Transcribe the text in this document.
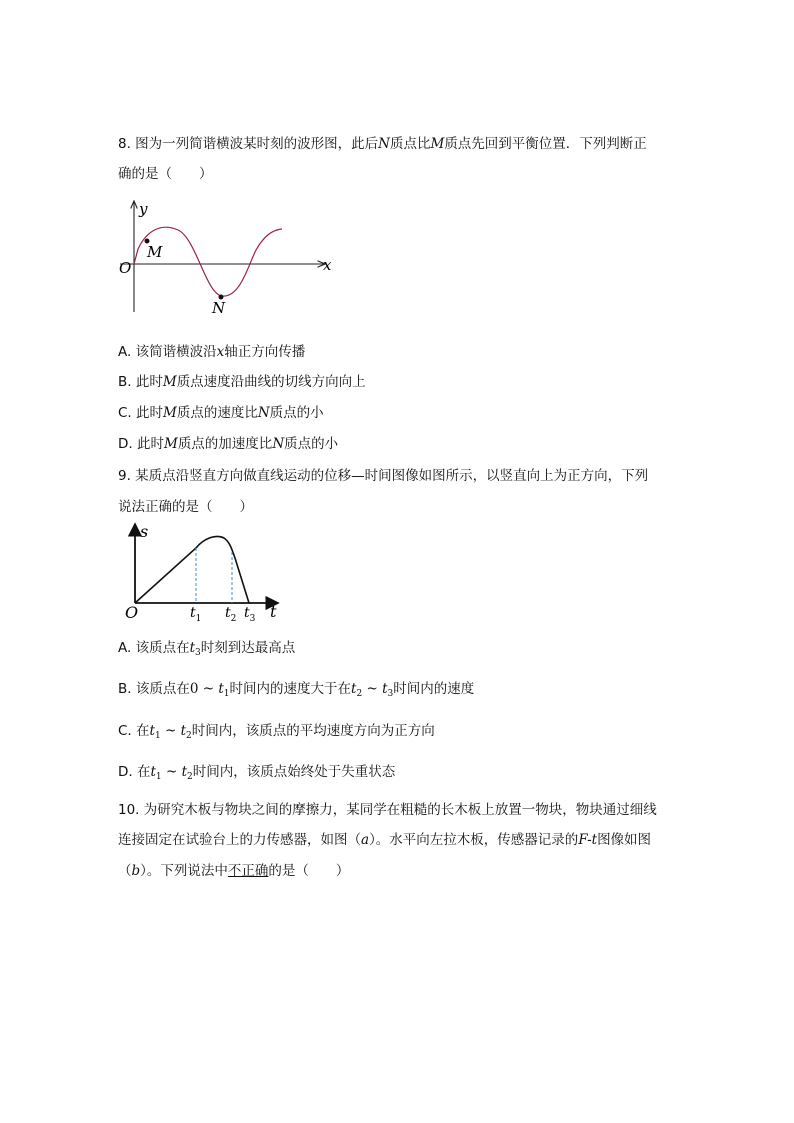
8. 图为一列简谐横波某时刻的波形图，此后N质点比M质点先回到平衡位置．下列判断正
确的是（　　）
y
x
O
M
N
A. 该简谐横波沿x轴正方向传播
B. 此时M质点速度沿曲线的切线方向向上
C. 此时M质点的速度比N质点的小
D. 此时M质点的加速度比N质点的小
9. 某质点沿竖直方向做直线运动的位移—时间图像如图所示，以竖直向上为正方向，下列
说法正确的是（　　）
s
t
O	$t_1$ $t_2$ $t_3$
A. 该质点在$t_3$时刻到达最高点
B. 该质点在0 ~ $t_1$时间内的速度大于在$t_2$ ~ $t_3$时间内的速度
C. 在$t_1$ ~ $t_2$时间内，该质点的平均速度方向为正方向
D. 在$t_1$ ~ $t_2$时间内，该质点始终处于失重状态
10. 为研究木板与物块之间的摩擦力，某同学在粗糙的长木板上放置一物块，物块通过细线
连接固定在试验台上的力传感器，如图（a）。水平向左拉木板，传感器记录的F-t图像如图
（b）。下列说法中不正确的是（　　）
